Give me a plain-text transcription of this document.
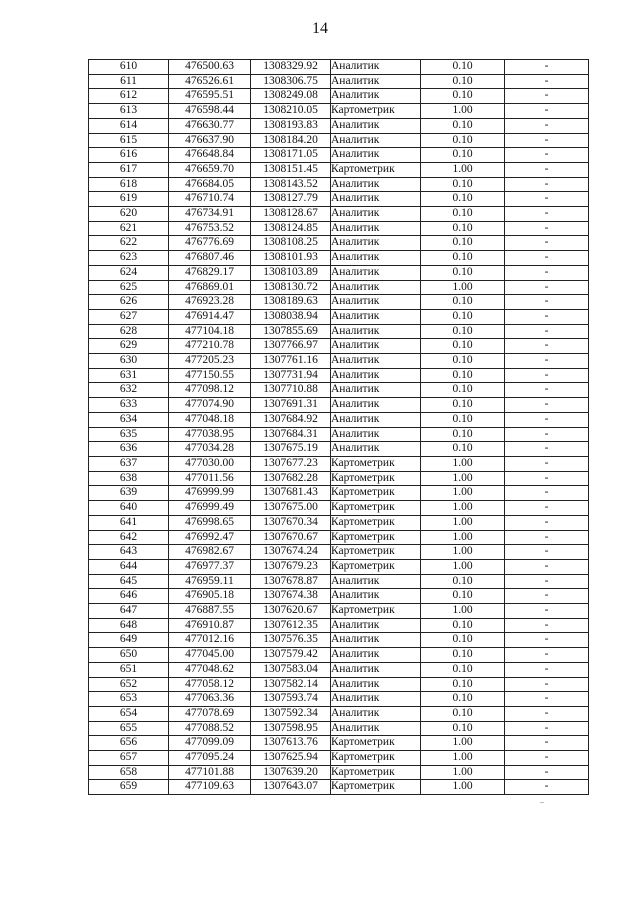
14
610	476500.63	1308329.92	Аналитик	0.10	-
611	476526.61	1308306.75	Аналитик	0.10	-
612	476595.51	1308249.08	Аналитик	0.10	-
613	476598.44	1308210.05	Картометрик	1.00	-
614	476630.77	1308193.83	Аналитик	0.10	-
615	476637.90	1308184.20	Аналитик	0.10	-
616	476648.84	1308171.05	Аналитик	0.10	-
617	476659.70	1308151.45	Картометрик	1.00	-
618	476684.05	1308143.52	Аналитик	0.10	-
619	476710.74	1308127.79	Аналитик	0.10	-
620	476734.91	1308128.67	Аналитик	0.10	-
621	476753.52	1308124.85	Аналитик	0.10	-
622	476776.69	1308108.25	Аналитик	0.10	-
623	476807.46	1308101.93	Аналитик	0.10	-
624	476829.17	1308103.89	Аналитик	0.10	-
625	476869.01	1308130.72	Аналитик	1.00	-
626	476923.28	1308189.63	Аналитик	0.10	-
627	476914.47	1308038.94	Аналитик	0.10	-
628	477104.18	1307855.69	Аналитик	0.10	-
629	477210.78	1307766.97	Аналитик	0.10	-
630	477205.23	1307761.16	Аналитик	0.10	-
631	477150.55	1307731.94	Аналитик	0.10	-
632	477098.12	1307710.88	Аналитик	0.10	-
633	477074.90	1307691.31	Аналитик	0.10	-
634	477048.18	1307684.92	Аналитик	0.10	-
635	477038.95	1307684.31	Аналитик	0.10	-
636	477034.28	1307675.19	Аналитик	0.10	-
637	477030.00	1307677.23	Картометрик	1.00	-
638	477011.56	1307682.28	Картометрик	1.00	-
639	476999.99	1307681.43	Картометрик	1.00	-
640	476999.49	1307675.00	Картометрик	1.00	-
641	476998.65	1307670.34	Картометрик	1.00	-
642	476992.47	1307670.67	Картометрик	1.00	-
643	476982.67	1307674.24	Картометрик	1.00	-
644	476977.37	1307679.23	Картометрик	1.00	-
645	476959.11	1307678.87	Аналитик	0.10	-
646	476905.18	1307674.38	Аналитик	0.10	-
647	476887.55	1307620.67	Картометрик	1.00	-
648	476910.87	1307612.35	Аналитик	0.10	-
649	477012.16	1307576.35	Аналитик	0.10	-
650	477045.00	1307579.42	Аналитик	0.10	-
651	477048.62	1307583.04	Аналитик	0.10	-
652	477058.12	1307582.14	Аналитик	0.10	-
653	477063.36	1307593.74	Аналитик	0.10	-
654	477078.69	1307592.34	Аналитик	0.10	-
655	477088.52	1307598.95	Аналитик	0.10	-
656	477099.09	1307613.76	Картометрик	1.00	-
657	477095.24	1307625.94	Картометрик	1.00	-
658	477101.88	1307639.20	Картометрик	1.00	-
659	477109.63	1307643.07	Картометрик	1.00	-
